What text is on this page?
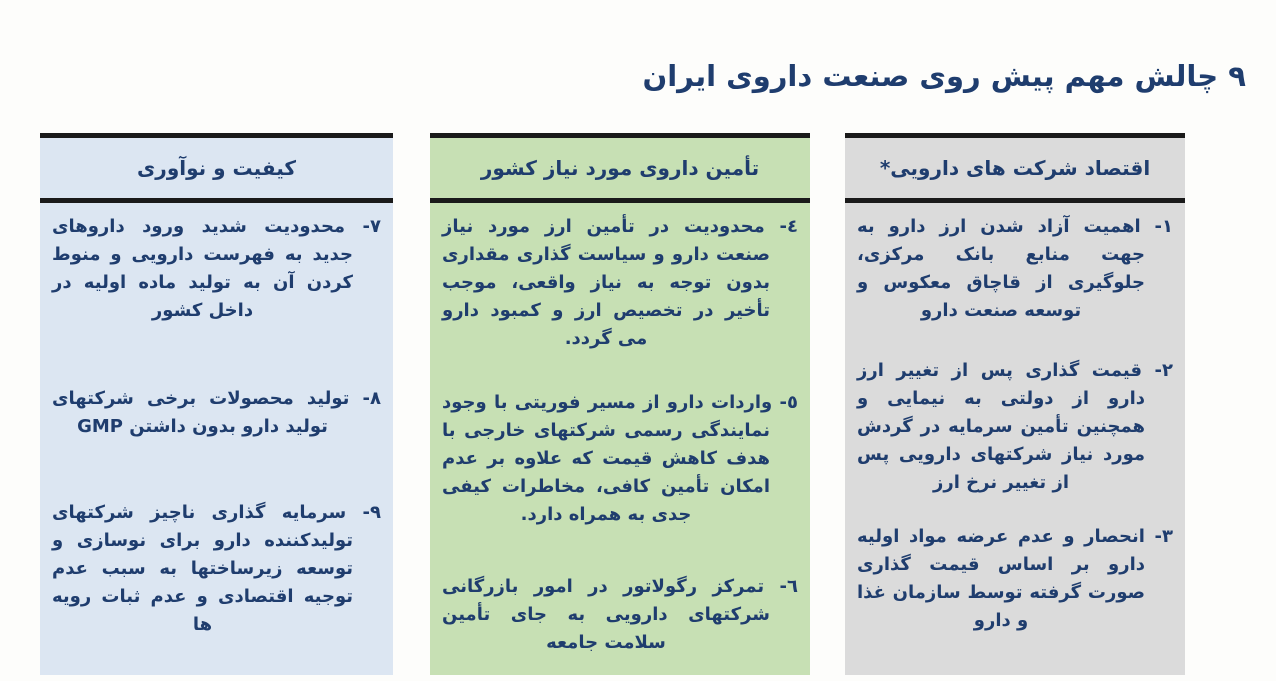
۹ چالش مهم پیش روی صنعت داروی ایران
اقتصاد شرکت های دارویی*

۱- اهمیت آزاد شدن ارز دارو به جهت منابع بانک مرکزی، جلوگیری از قاچاق معکوس و توسعه صنعت دارو

۲- قیمت گذاری پس از تغییر ارز دارو از دولتی به نیمایی و همچنین تأمین سرمایه در گردش مورد نیاز شرکتهای دارویی پس از تغییر نرخ ارز

۳- انحصار و عدم عرضه مواد اولیه دارو بر اساس قیمت گذاری صورت گرفته توسط سازمان غذا و دارو

تأمین داروی مورد نیاز کشور

٤- محدودیت در تأمین ارز مورد نیاز صنعت دارو و سیاست گذاری مقداری بدون توجه به نیاز واقعی، موجب تأخیر در تخصیص ارز و کمبود دارو می گردد.

٥- واردات دارو از مسیر فوریتی با وجود نمایندگی رسمی شرکتهای خارجی با هدف کاهش قیمت که علاوه بر عدم امکان تأمین کافی، مخاطرات کیفی جدی به همراه دارد.

٦- تمرکز رگولاتور در امور بازرگانی شرکتهای دارویی به جای تأمین سلامت جامعه

کیفیت و نوآوری

۷- محدودیت شدید ورود داروهای جدید به فهرست دارویی و منوط کردن آن به تولید ماده اولیه در داخل کشور

۸- تولید محصولات برخی شرکتهای تولید دارو بدون داشتن GMP

۹- سرمایه گذاری ناچیز شرکتهای تولیدکننده دارو برای نوسازی و توسعه زیرساختها به سبب عدم توجیه اقتصادی و عدم ثبات رویه ها
